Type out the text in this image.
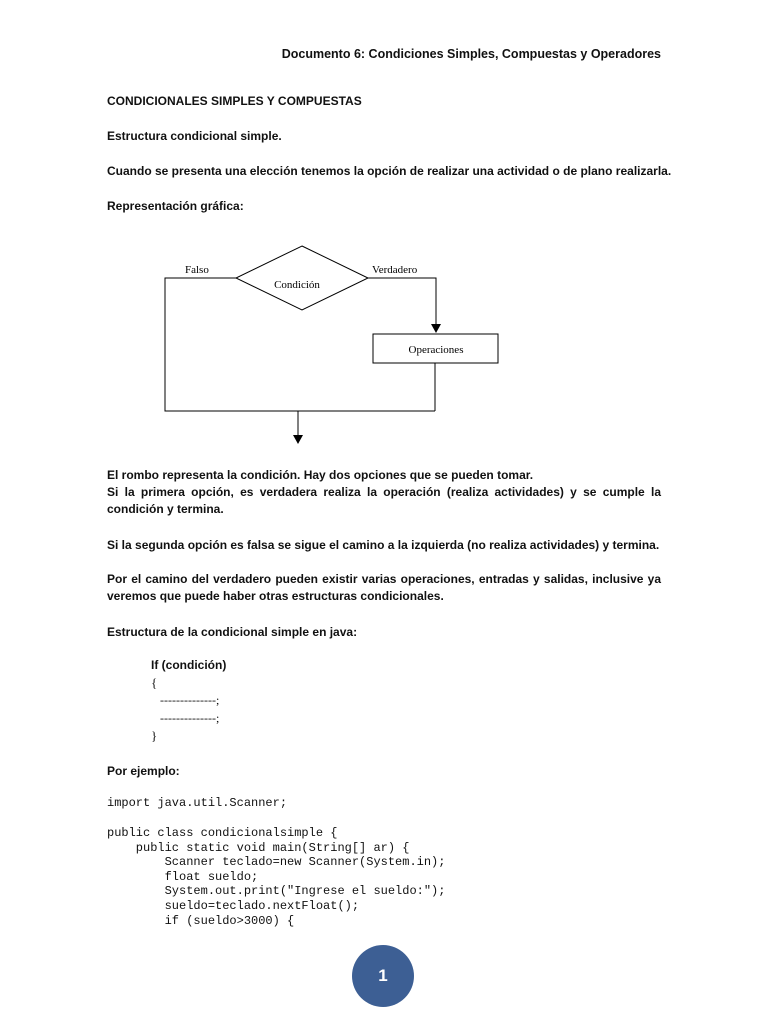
Documento 6: Condiciones Simples, Compuestas y Operadores
CONDICIONALES SIMPLES Y COMPUESTAS
Estructura condicional simple.
Cuando se presenta una elección tenemos la opción de realizar una actividad o de plano realizarla.
Representación gráfica:
Condición
Falso	Verdadero
Operaciones
El rombo representa la condición. Hay dos opciones que se pueden tomar.
Si la primera opción, es verdadera realiza la operación (realiza actividades) y se cumple la condición y termina.
Si la segunda opción es falsa se sigue el camino a la izquierda (no realiza actividades) y termina.
Por el camino del verdadero pueden existir varias operaciones, entradas y salidas, inclusive ya veremos que puede haber otras estructuras condicionales.
Estructura de la condicional simple en java:
If (condición)
{
--------------;
--------------;
}
Por ejemplo:
import java.util.Scanner;
public class condicionalsimple {
public static void main(String[] ar) {
Scanner teclado=new Scanner(System.in);
float sueldo;
System.out.print("Ingrese el sueldo:");
sueldo=teclado.nextFloat();
if (sueldo>3000) {
1
